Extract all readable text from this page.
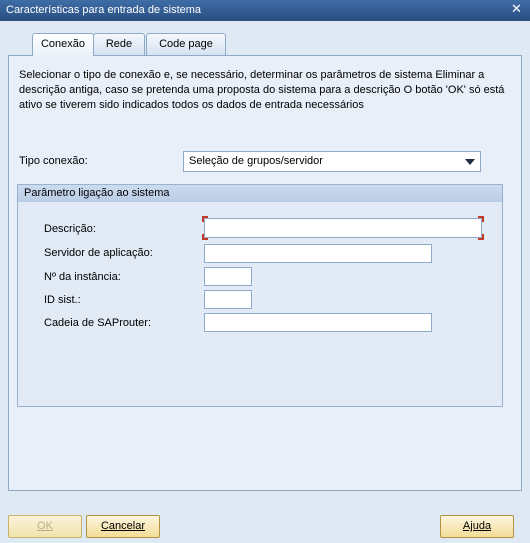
Características para entrada de sistema	✕
Conexão	Rede	Code page
Selecionar o tipo de conexão e, se necessário, determinar os parâmetros de sistema Eliminar a descrição antiga, caso se pretenda uma proposta do sistema para a descrição O botão 'OK' só está ativo se tiverem sido indicados todos os dados de entrada necessários
Tipo conexão:	Seleção de grupos/servidor
Parâmetro ligação ao sistema
Descrição:
Servidor de aplicação:
Nº da instância:
ID sist.:
Cadeia de SAProuter:
OK	Cancelar	Ajuda
